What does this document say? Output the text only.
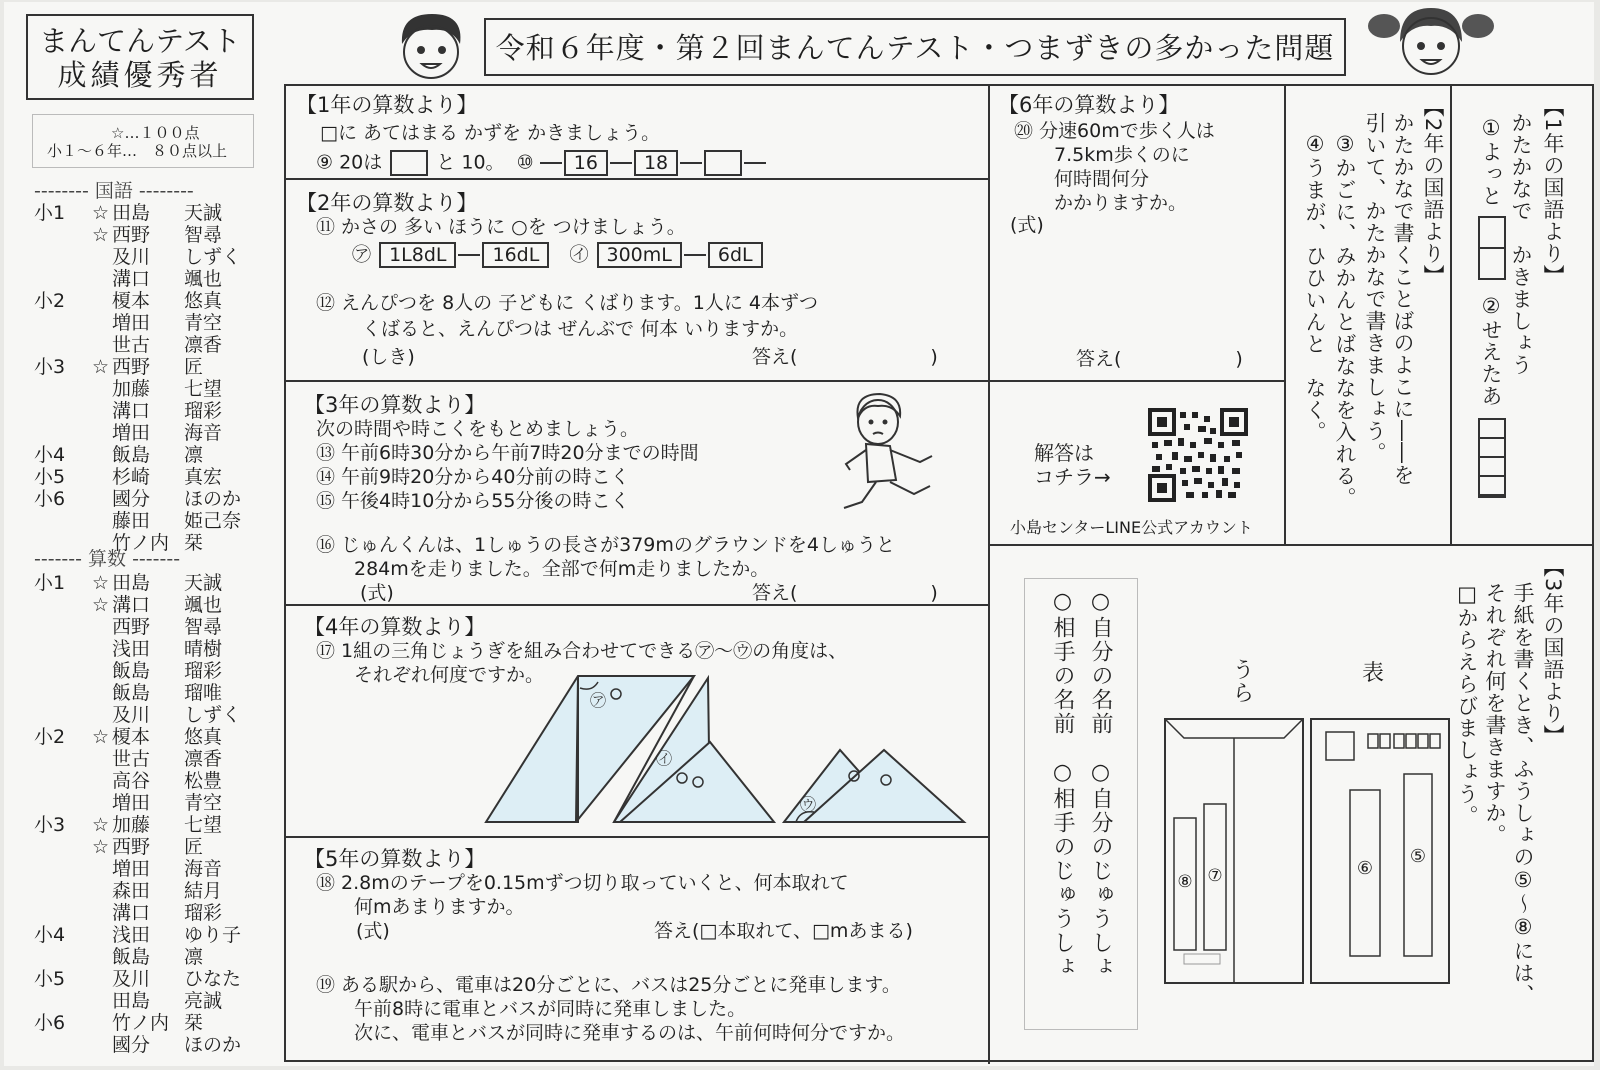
まんてんテスト
成績優秀者
☆…１００点
小１～６年…　８０点以上
-------- 国語 --------
小1	☆ 田島	天誠
☆ 西野	智尋
及川	しずく
溝口	颯也
小2	榎本	悠真
増田	青空
世古	凛香
小3	☆ 西野	匠
加藤	七望
溝口	瑠彩
増田	海音
小4	飯島	凛
小5	杉崎	真宏
小6	國分	ほのか
藤田	姫己奈
竹ノ内 栞
------- 算数 -------
小1	☆ 田島	天誠
☆ 溝口	颯也
西野	智尋
浅田	晴樹
飯島	瑠彩
飯島	瑠唯
及川	しずく
小2	☆ 榎本	悠真
世古	凛香
高谷	松豊
増田	青空
小3	☆ 加藤	七望
☆ 西野	匠
増田	海音
森田	結月
溝口	瑠彩
小4	浅田	ゆり子
飯島	凛
小5	及川	ひなた
田島	亮誠
小6	竹ノ内 栞
國分	ほのか
令和６年度・第２回まんてんテスト・つまずきの多かった問題
【1年の算数より】
□に あてはまる かずを かきましょう。
⑨ 20は	と 10。 ⑩ 16 18
【2年の算数より】
⑪ かさの 多い ほうに ○を つけましょう。
㋐ 1L8dL 16dL ㋑ 300mL 6dL
⑫ えんぴつを 8人の 子どもに くばります。1人に 4本ずつ
くばると、えんぴつは ぜんぶで 何本 いりますか。
(しき)	答え(　　　　　　　)
【3年の算数より】
次の時間や時こくをもとめましょう。
⑬ 午前6時30分から午前7時20分までの時間
⑭ 午前9時20分から40分前の時こく
⑮ 午後4時10分から55分後の時こく
⑯ じゅんくんは、1しゅうの長さが379mのグラウンドを4しゅうと
284mを走りました。全部で何m走りましたか。
(式)	答え(　　　　　　　)
【4年の算数より】
⑰ 1組の三角じょうぎを組み合わせてできる㋐～㋒の角度は、
それぞれ何度ですか。
㋐
㋑
㋒
【5年の算数より】
⑱ 2.8mのテープを0.15mずつ切り取っていくと、何本取れて
何mあまりますか。
(式)	答え(□本取れて、□mあまる)
⑲ ある駅から、電車は20分ごとに、バスは25分ごとに発車します。
午前8時に電車とバスが同時に発車しました。
次に、電車とバスが同時に発車するのは、午前何時何分ですか。
【6年の算数より】
⑳ 分速60mで歩く人は
7.5km歩くのに
何時間何分
かかりますか。
(式)
答え(　　　　　　)
解答は
コチラ→
小島センターLINE公式アカウント
【2年の国語より】
かたかなで書くことばのよこに――を
引いて、かたかなで書きましょう。
③かごに、みかんとばななを入れる。
④うまが、ひひいんと　なく。	【1年の国語より】
かたかなで　かきましょう
①よっと
②せえたあ
【3年の国語より】
手紙を書くとき、ふうしょの⑤～⑧には、
それぞれ何を書きますか。
□からえらびましょう。
○自分の名前　○自分のじゅうしょ
○相手の名前　○相手のじゅうしょ	うら	表
⑧ ⑦	⑥
⑤
